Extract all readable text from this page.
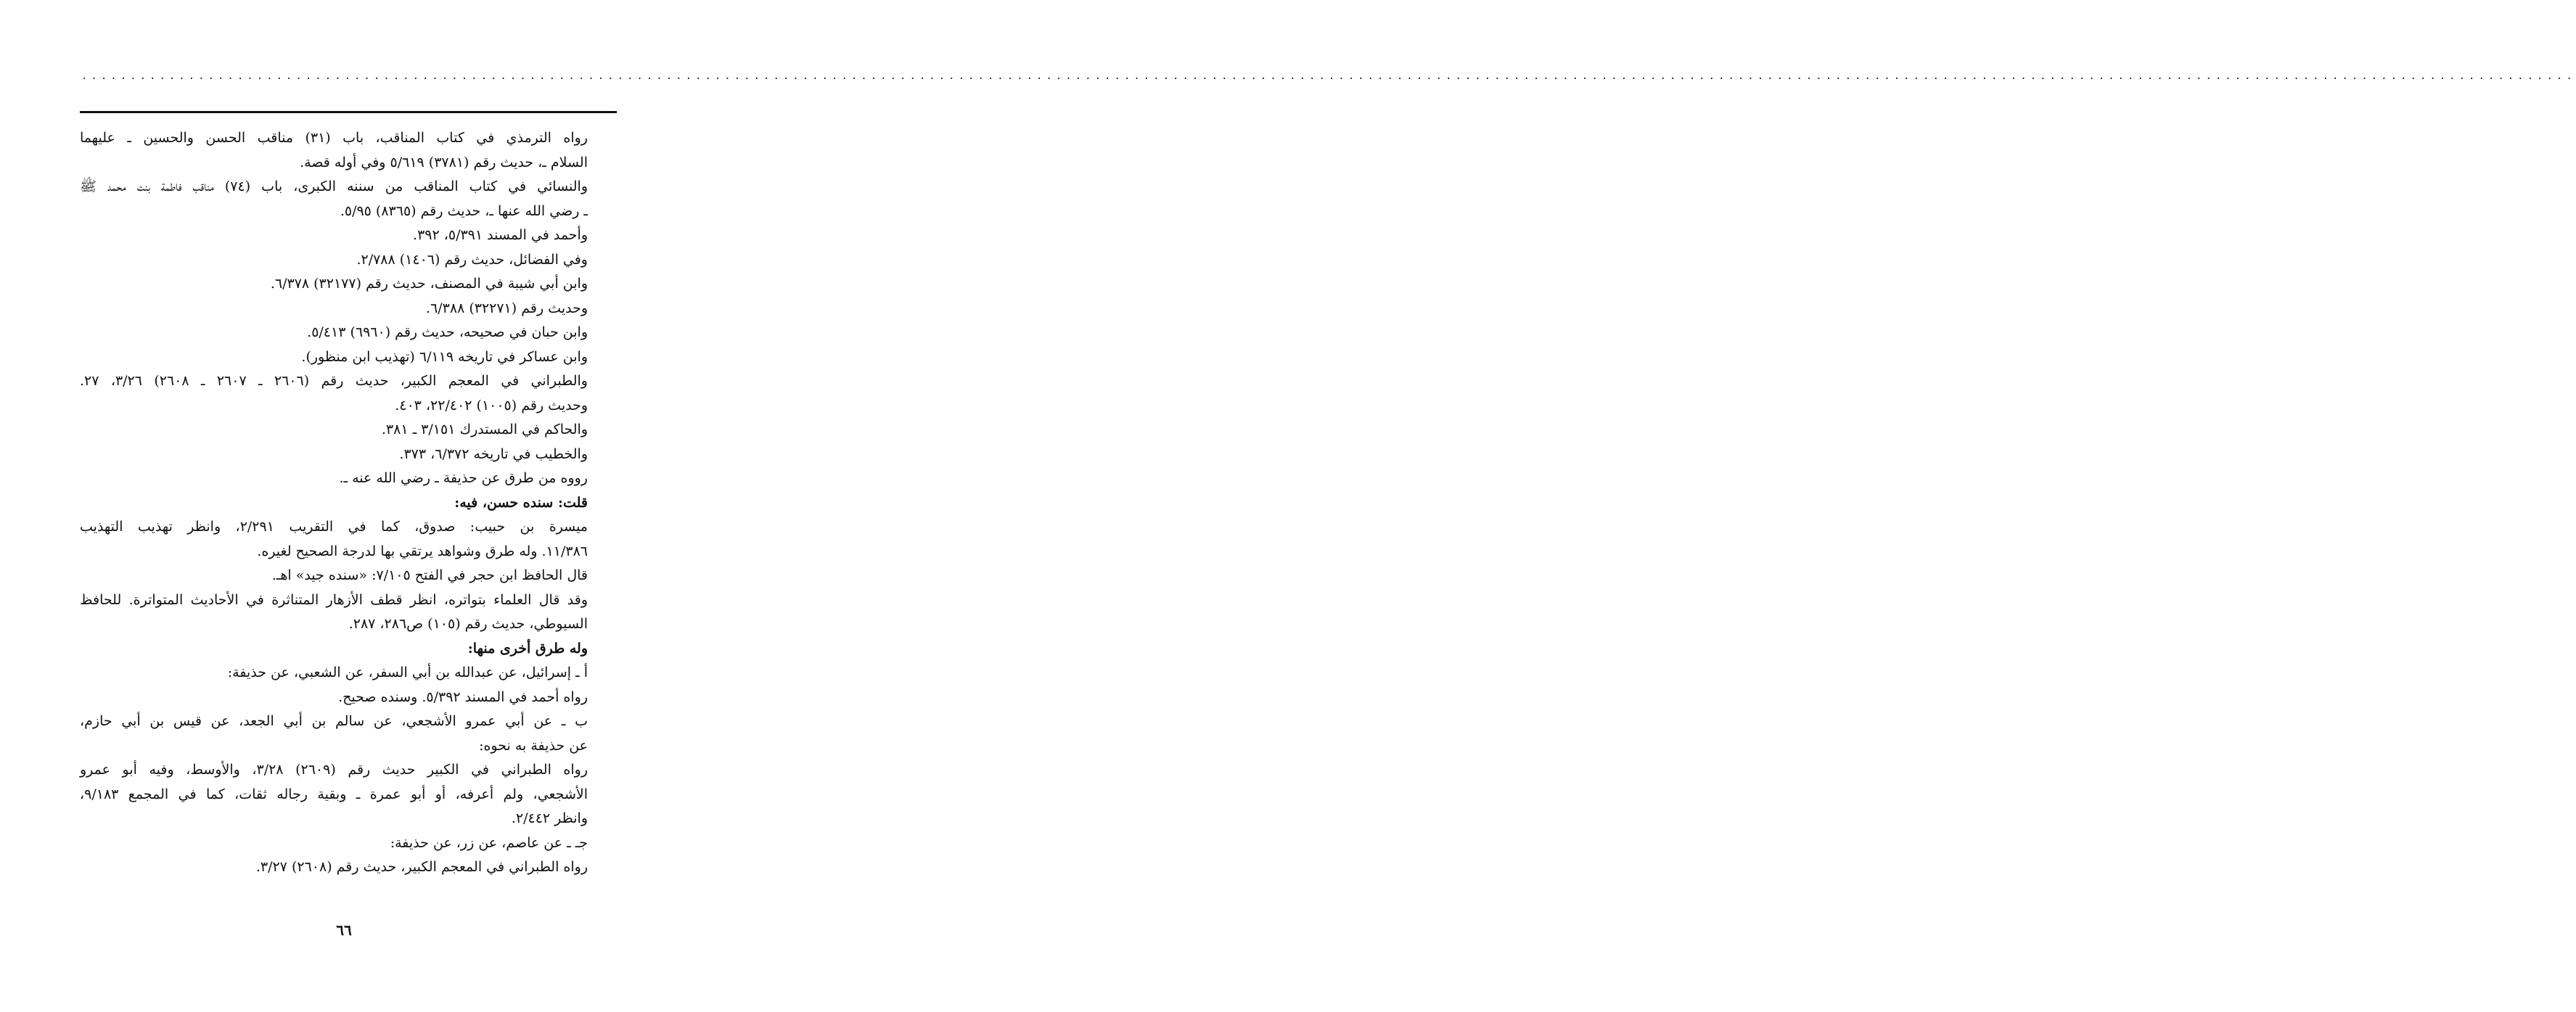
................................................................................................................................................................................................................................................................
رواه الترمذي في كتاب المناقب، باب (٣١) مناقب الحسن والحسين ـ عليهما
السلام ـ، حديث رقم (٣٧٨١) ٥/٦١٩ وفي أوله قصة.
والنسائي في كتاب المناقب من سننه الكبرى، باب (٧٤) مناقب فاطمة بنت محمد ﷺ
ـ رضي الله عنها ـ، حديث رقم (٨٣٦٥) ٥/٩٥.
وأحمد في المسند ٥/٣٩١، ٣٩٢.
وفي الفضائل، حديث رقم (١٤٠٦) ٢/٧٨٨.
وابن أبي شيبة في المصنف، حديث رقم (٣٢١٧٧) ٦/٣٧٨.
وحديث رقم (٣٢٢٧١) ٦/٣٨٨.
وابن حبان في صحيحه، حديث رقم (٦٩٦٠) ٥/٤١٣.
وابن عساكر في تاريخه ٦/١١٩ (تهذيب ابن منظور).
والطبراني في المعجم الكبير، حديث رقم (٢٦٠٦ ـ ٢٦٠٧ ـ ٢٦٠٨) ٣/٢٦، ٢٧.
وحديث رقم (١٠٠٥) ٢٢/٤٠٢، ٤٠٣.
والحاكم في المستدرك ٣/١٥١ ـ ٣٨١.
والخطيب في تاريخه ٦/٣٧٢، ٣٧٣.
رووه من طرق عن حذيفة ـ رضي الله عنه ـ.
قلت: سنده حسن، فيه:
ميسرة بن حبيب: صدوق، كما في التقريب ٢/٢٩١، وانظر تهذيب التهذيب
١١/٣٨٦. وله طرق وشواهد يرتقي بها لدرجة الصحيح لغيره.
قال الحافظ ابن حجر في الفتح ٧/١٠٥: «سنده جيد» اهـ.
وقد قال العلماء بتواتره، انظر قطف الأزهار المتناثرة في الأحاديث المتواترة. للحافظ
السيوطي، حديث رقم (١٠٥) ص٢٨٦، ٢٨٧.
وله طرق أخرى منها:
أ ـ إسرائيل، عن عبدالله بن أبي السفر، عن الشعبي، عن حذيفة:
رواه أحمد في المسند ٥/٣٩٢. وسنده صحيح.
ب ـ عن أبي عمرو الأشجعي، عن سالم بن أبي الجعد، عن قيس بن أبي حازم،
عن حذيفة به نحوه:
رواه الطبراني في الكبير حديث رقم (٢٦٠٩) ٣/٢٨، والأوسط، وفيه أبو عمرو
الأشجعي، ولم أعرفه، أو أبو عمرة ـ وبقية رجاله ثقات، كما في المجمع ٩/١٨٣،
وانظر ٢/٤٤٢.
جـ ـ عن عاصم، عن زر، عن حذيفة:
رواه الطبراني في المعجم الكبير، حديث رقم (٢٦٠٨) ٣/٢٧.
٦٦
